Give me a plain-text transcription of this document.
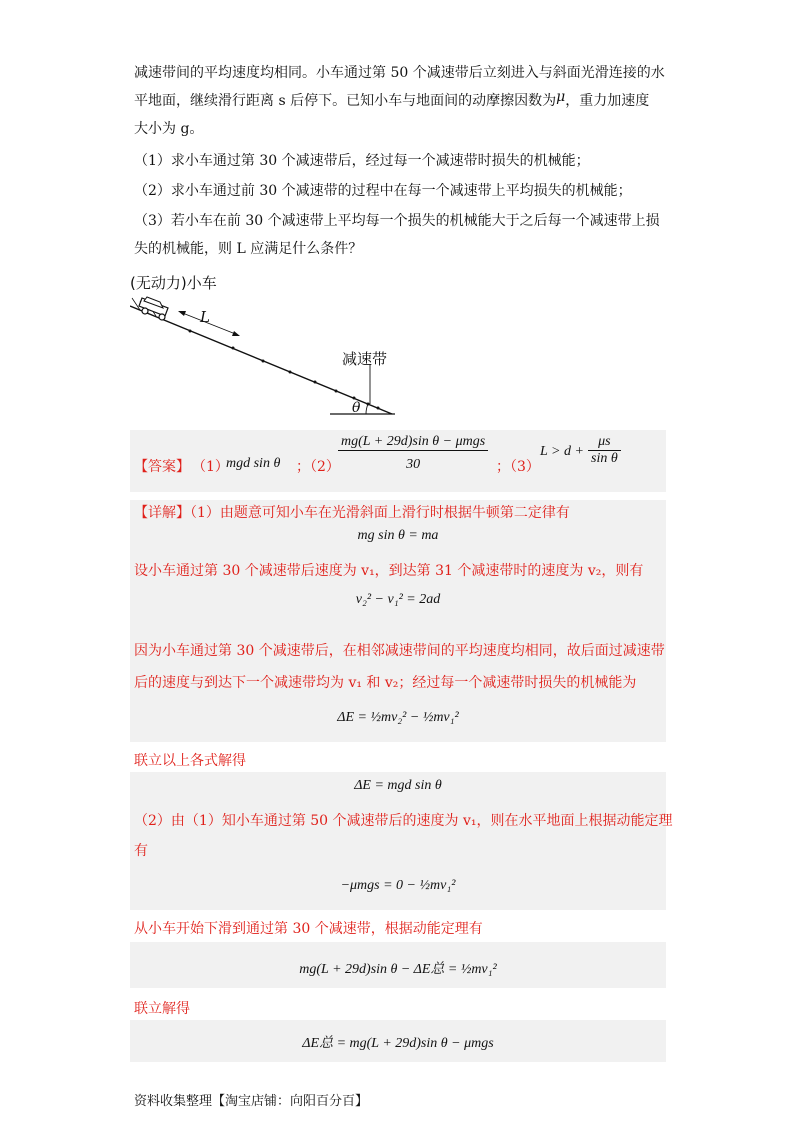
减速带间的平均速度均相同。小车通过第 50 个减速带后立刻进入与斜面光滑连接的水

平地面，继续滑行距离 s 后停下。已知小车与地面间的动摩擦因数为μ，重力加速度

大小为 g。

（1）求小车通过第 30 个减速带后，经过每一个减速带时损失的机械能；

（2）求小车通过前 30 个减速带的过程中在每一个减速带上平均损失的机械能；

（3）若小车在前 30 个减速带上平均每一个损失的机械能大于之后每一个减速带上损

失的机械能，则 L 应满足什么条件？

(无动力)小车
L
减速带
θ
【答案】 （1）
mgd sin θ ；（2）
mg(L + 29d)sin θ − μmgs
30	；（3）
$L > d + \frac{\mu s}{\text{sin θ}}$

【详解】（1）由题意可知小车在光滑斜面上滑行时根据牛顿第二定律有

mg sin θ = ma

设小车通过第 30 个减速带后速度为 v₁，到达第 31 个减速带时的速度为 v₂，则有

v₂² − v₁² = 2ad

因为小车通过第 30 个减速带后，在相邻减速带间的平均速度均相同，故后面过减速带

后的速度与到达下一个减速带均为 v₁ 和 v₂；经过每一个减速带时损失的机械能为

ΔE = ½mv₂² − ½mv₁²

联立以上各式解得

ΔE = mgd sin θ

（2）由（1）知小车通过第 50 个减速带后的速度为 v₁，则在水平地面上根据动能定理

有

−μmgs = 0 − ½mv₁²

从小车开始下滑到通过第 30 个减速带，根据动能定理有

mg(L + 29d)sin θ − ΔE总 = ½mv₁²

联立解得

ΔE总 = mg(L + 29d)sin θ − μmgs

资料收集整理【淘宝店铺：向阳百分百】
